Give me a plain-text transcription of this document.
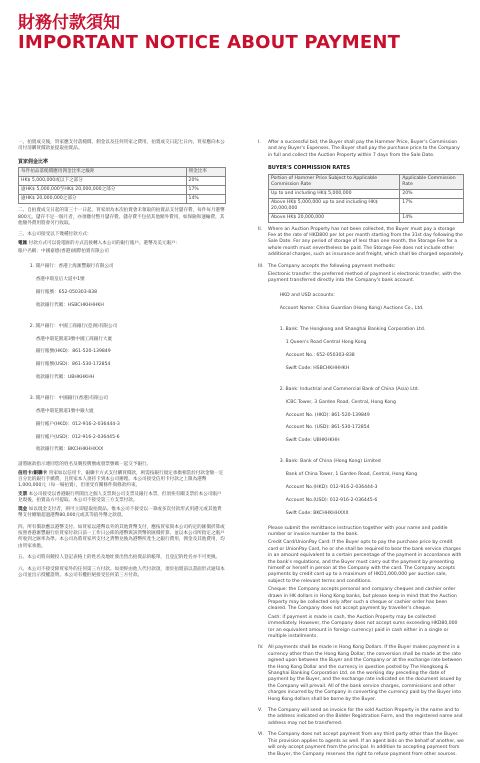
財務付款須知
IMPORTANT NOTICE ABOUT PAYMENT

一、拍賣成交後，買家應支付落槌價、佣金以及任何買家之費用。拍賣成交日起七日內，買家應向本公司付清購買價款並提取拍賣品。

買家佣金比率
每件拍品落槌價應用佣金比率之級距	佣金比率
HK$ 5,000,000或以下之部分	20%
逾HK$ 5,000,000至HK$ 20,000,000之部分	17%
逾HK$ 20,000,000之部分	14%

二、自拍賣成交日起的第三十一日起，買家須為本次拍賣會未領取的拍賣品支付儲存費，每件每月港幣800元。儲存不足一個月者，亦須繳付整月儲存費。儲存費不包括其他額外費用，如保險和運輸費，其他額外費用將會另行收取。

三、本公司接受以下幾種付款方式：

電匯 付款方式可以從電匯的方式直接轉入本公司的銀行賬戶。港幣及美元賬戶：

賬戶名稱：中國嘉德(香港)國際拍賣有限公司

1. 開戶銀行：香港上海滙豐銀行有限公司

香港中環皇后大道中1號

銀行賬號：652-050303-838

收款銀行代碼：HSBCHKHHHKH

2. 開戶銀行：中國工商銀行(亞洲)有限公司

香港中環花園道3號中國工商銀行大廈

銀行賬號(HKD)：861-520-139849

銀行賬號(USD)：861-530-172854

收款銀行代碼：UBHKHKHH

3. 開戶銀行：中國銀行(香港)有限公司

香港中環花園道1號中銀大廈

銀行帳戶(HKD)：012-916-2-036444-3

銀行帳戶(USD)：012-916-2-036445-6

收款銀行代碼：BKCHHKHHXXX

請將匯款指示連同您的姓名及競投牌號或發票號碼一起交予銀行。

信用卡/銀聯卡 買家如以信用卡、銀聯卡方式支付購買價款，則需按銀行規定承擔相當於付款金額一定百分比的銀行手續費，且買家本人須持卡到本公司辦理。本公司接受信用卡付款之上限為港幣1,000,000元（每一場拍賣），但須受有關條件與條款約束。

支票 本公司接受以香港銀行所開出之個人支票與公司支票及銀行本票，但須俟有關支票於本公司賬戶兌現後，拍賣品方可提取。本公司不接受第三方支票付款。

現金 如以現金支付者，則可立即提取拍賣品。惟本公司不接受以一筆或多次付款形式用港元或其他貨幣支付總額超過港幣80,000元或其等值外幣之款項。

四、所有價款應以港幣支付。如買家以港幣以外的其他貨幣支付，應按買家與本公司約定的匯價折算或按照香港滙豐銀行於買家付款日前一工作日公佈的港幣與該貨幣的匯價折算，並以本公司所指定之賬戶所收到之匯率為準。本公司為將買家所支付之貨幣兌換為港幣所產生之銀行費用、佣金及其他費用，均由買家承擔。

五、本公司將向競投人登記表格上的姓名及地址發出售出拍賣品的帳單，且登記的姓名亦不可更換。

六、本公司不接受除買家外的任何第三方付款。如須經由他人代付款項，須於拍賣前以書面形式通知本公司並出示授權證明。本公司有權拒絕接受任何第三方付款。

I.	After a successful bid, the Buyer shall pay the Hammer Price, Buyer's Commission and any Buyer's Expenses. The Buyer shall pay the purchase price to the Company in full and collect the Auction Property within 7 days from the Sale Date.

BUYER'S COMMISSION RATES
Portion of Hammer Price Subject to Applicable Commission Rate	Applicable Commission Rate
Up to and including HK$ 5,000,000	20%
Above HK$ 5,000,000 up to and including HK$ 20,000,000	17%
Above HK$ 20,000,000	14%
II.	Where an Auction Property has not been collected, the Buyer must pay a storage Fee at the rate of HKD800 per lot per month starting from the 31st day following the Sale Date. For any period of storage of less than one month, the Storage Fee for a whole month must nevertheless be paid. The Storage Fee does not include other additional charges, such as insurance and freight, which shall be charged separately.

III. The Company accepts the following payment methods:

Electronic transfer: the preferred method of payment is electronic transfer, with the payment transferred directly into the Company's bank account.

HKD and USD accounts:

Account Name: China Guardian (Hong Kong) Auctions Co., Ltd.

1. Bank: The Hongkong and Shanghai Banking Corporation Ltd.

1 Queen's Road Central Hong Kong

Account No.: 652-050303-838

Swift Code: HSBCHKHHHKH

2. Bank: Industrial and Commercial Bank of China (Asia) Ltd.

ICBC Tower, 3 Garden Road, Central, Hong Kong

Account No. (HKD): 861-520-139849

Account No. (USD): 861-530-172854

Swift Code: UBHKHKHH

3. Bank: Bank of China (Hong Kong) Limited

Bank of China Tower, 1 Garden Road, Central, Hong Kong

Account No.(HKD): 012-916-2-036444-3

Account No.(USD): 012-916-2-036445-6

Swift Code: BKCHHKHHXXX

Please submit the remittance instruction together with your name and paddle number or invoice number to the bank.

Credit Card/UnionPay Card: If the Buyer opts to pay the purchase price by credit card or UnionPay Card, he or she shall be required to bear the bank service charges in an amount equivalent to a certain percentage of the payment in accordance with the bank's regulations, and the Buyer must carry out the payment by presenting himself or herself in person at the Company with the card. The Company accepts payments by credit card up to a maximum of HKD1,000,000 per auction sale, subject to the relevant terms and conditions.

Cheque: the Company accepts personal and company cheques and cashier order drawn in HK dollars in Hong Kong banks, but please keep in mind that the Auction Property may be collected only after such a cheque or cashier order has been cleared. The Company does not accept payment by traveller's cheque.

Cash: if payment is made in cash, the Auction Property may be collected immediately. However, the Company does not accept sums exceeding HKD80,000 (or an equivalent amount in foreign currency) paid in cash either in a single or multiple installments.

IV.	All payments shall be made in Hong Kong Dollars. If the Buyer makes payment in a currency other than the Hong Kong Dollar, the conversion shall be made at the rate agreed upon between the Buyer and the Company or at the exchange rate between the Hong Kong Dollar and the currency in question posted by The Hongkong & Shanghai Banking Corporation Ltd. on the working day preceding the date of payment by the Buyer, and the exchange rate indicated on the document issued by the Company will prevail. All of the bank service charges, commissions and other charges incurred by the Company in converting the currency paid by the Buyer into Hong Kong dollars shall be borne by the Buyer.

V.	The Company will send an invoice for the sold Auction Property in the name and to the address indicated on the Bidder Registration Form, and the registered name and address may not be transferred.

VI. The Company does not accept payment from any third party other than the Buyer. This provision applies to agents as well. If an agent bids on the behalf of another, we will only accept payment from the principal. In addition to accepting payment from the Buyer, the Company reserves the right to refuse payment from other sources.
